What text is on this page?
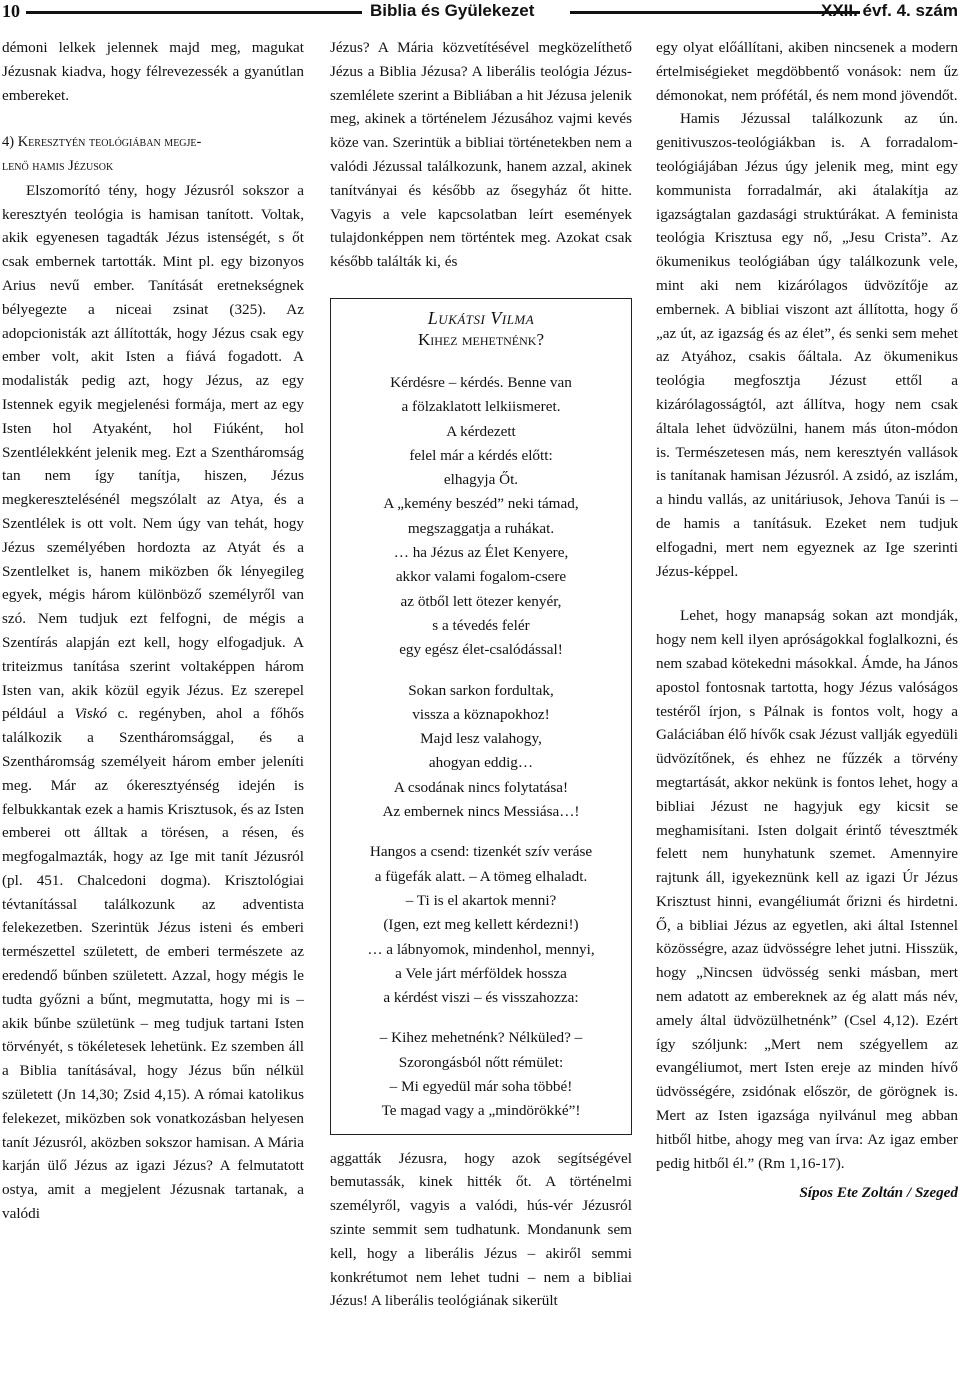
10	Biblia és Gyülekezet	XXII. évf. 4. szám

démoni lelkek jelennek majd meg, magukat Jézusnak kiadva, hogy félrevezessék a gyanútlan embereket.

4) Keresztyén teológiában megje-
lenő hamis Jézusok

Elszomorító tény, hogy Jézusról sokszor a keresztyén teológia is hamisan tanított. Voltak, akik egyenesen tagadták Jézus istenségét, s őt csak embernek tartották. Mint pl. egy bizonyos Arius nevű ember. Tanítását eretnekségnek bélyegezte a niceai zsinat (325). Az adopcionisták azt állították, hogy Jézus csak egy ember volt, akit Isten a fiává fogadott. A modalisták pedig azt, hogy Jézus, az egy Istennek egyik megjelenési formája, mert az egy Isten hol Atyaként, hol Fiúként, hol Szentlélekként jelenik meg. Ezt a Szentháromság tan nem így tanítja, hiszen, Jézus megkeresztelésénél megszólalt az Atya, és a Szentlélek is ott volt. Nem úgy van tehát, hogy Jézus személyében hordozta az Atyát és a Szentlelket is, hanem miközben ők lényegileg egyek, mégis három különböző személyről van szó. Nem tudjuk ezt felfogni, de mégis a Szentírás alapján ezt kell, hogy elfogadjuk. A triteizmus tanítása szerint voltaképpen három Isten van, akik közül egyik Jézus. Ez szerepel például a Viskó c. regényben, ahol a főhős találkozik a Szentháromsággal, és a Szentháromság személyeit három ember jeleníti meg. Már az ókeresztyénség idején is felbukkantak ezek a hamis Krisztusok, és az Isten emberei ott álltak a törésen, a résen, és megfogalmazták, hogy az Ige mit tanít Jézusról (pl. 451. Chalcedoni dogma). Krisztológiai tévtanítással találkozunk az adventista felekezetben. Szerintük Jézus isteni és emberi természettel született, de emberi természete az eredendő bűnben született. Azzal, hogy mégis le tudta győzni a bűnt, megmutatta, hogy mi is – akik bűnbe születünk – meg tudjuk tartani Isten törvényét, s tökéletesek lehetünk. Ez szemben áll a Biblia tanításával, hogy Jézus bűn nélkül született (Jn 14,30; Zsid 4,15). A római katolikus felekezet, miközben sok vonatkozásban helyesen tanít Jézusról, aközben sokszor hamisan. A Mária karján ülő Jézus az igazi Jézus? A felmutatott ostya, amit a megjelent Jézusnak tartanak, a valódi

Jézus? A Mária közvetítésével megközelíthető Jézus a Biblia Jézusa? A liberális teológia Jézus-szemlélete szerint a Bibliában a hit Jézusa jelenik meg, akinek a történelem Jézusához vajmi kevés köze van. Szerintük a bibliai történetekben nem a valódi Jézussal találkozunk, hanem azzal, akinek tanítványai és később az ősegyház őt hitte. Vagyis a vele kapcsolatban leírt események tulajdonképpen nem történtek meg. Azokat csak később találták ki, és

Lukátsi Vilma
Kihez mehetnénk?
Kérdésre – kérdés. Benne van
a fölzaklatott lelkiismeret.
A kérdezett
felel már a kérdés előtt:
elhagyja Őt.
A „kemény beszéd” neki támad,
megszaggatja a ruhákat.
… ha Jézus az Élet Kenyere,
akkor valami fogalom-csere
az ötből lett ötezer kenyér,
s a tévedés felér
egy egész élet-csalódással!
Sokan sarkon fordultak,
vissza a köznapokhoz!
Majd lesz valahogy,
ahogyan eddig…
A csodának nincs folytatása!
Az embernek nincs Messiása…!
Hangos a csend: tizenkét szív veráse
a fügefák alatt. – A tömeg elhaladt.
– Ti is el akartok menni?
(Igen, ezt meg kellett kérdezni!)
… a lábnyomok, mindenhol, mennyi,
a Vele járt mérföldek hossza
a kérdést viszi – és visszahozza:
– Kihez mehetnénk? Nélküled? –
Szorongásból nőtt rémület:
– Mi egyedül már soha többé!
Te magad vagy a „mindörökké”!

aggatták Jézusra, hogy azok segítségével bemutassák, kinek hitték őt. A történelmi személyről, vagyis a valódi, hús-vér Jézusról szinte semmit sem tudhatunk. Mondanunk sem kell, hogy a liberális Jézus – akiről semmi konkrétumot nem lehet tudni – nem a bibliai Jézus! A liberális teológiának sikerült

egy olyat előállítani, akiben nincsenek a modern értelmiségieket megdöbbentő vonások: nem űz démonokat, nem prófétál, és nem mond jövendőt.

Hamis Jézussal találkozunk az ún. genitivuszos-teológiákban is. A forradalom-teológiájában Jézus úgy jelenik meg, mint egy kommunista forradalmár, aki átalakítja az igazságtalan gazdasági struktúrákat. A feminista teológia Krisztusa egy nő, „Jesu Crista”. Az ökumenikus teológiában úgy találkozunk vele, mint aki nem kizárólagos üdvözítője az embernek. A bibliai viszont azt állította, hogy ő „az út, az igazság és az élet”, és senki sem mehet az Atyához, csakis őáltala. Az ökumenikus teológia megfosztja Jézust ettől a kizárólagosságtól, azt állítva, hogy nem csak általa lehet üdvözülni, hanem más úton-módon is. Természetesen más, nem keresztyén vallások is tanítanak hamisan Jézusról. A zsidó, az iszlám, a hindu vallás, az unitáriusok, Jehova Tanúi is – de hamis a tanításuk. Ezeket nem tudjuk elfogadni, mert nem egyeznek az Ige szerinti Jézus-képpel.

Lehet, hogy manapság sokan azt mondják, hogy nem kell ilyen apróságokkal foglalkozni, és nem szabad kötekedni másokkal. Ámde, ha János apostol fontosnak tartotta, hogy Jézus valóságos testéről írjon, s Pálnak is fontos volt, hogy a Galáciában élő hívők csak Jézust vallják egyedüli üdvözítőnek, és ehhez ne fűzzék a törvény megtartását, akkor nekünk is fontos lehet, hogy a bibliai Jézust ne hagyjuk egy kicsit se meghamisítani. Isten dolgait érintő tévesztmék felett nem hunyhatunk szemet. Amennyire rajtunk áll, igyekeznünk kell az igazi Úr Jézus Krisztust hinni, evangéliumát őrizni és hirdetni. Ő, a bibliai Jézus az egyetlen, aki által Istennel közösségre, azaz üdvösségre lehet jutni. Hisszük, hogy „Nincsen üdvösség senki másban, mert nem adatott az embereknek az ég alatt más név, amely által üdvözülhetnénk” (Csel 4,12). Ezért így szóljunk: „Mert nem szégyellem az evangéliumot, mert Isten ereje az minden hívő üdvösségére, zsidónak először, de görögnek is. Mert az Isten igazsága nyilvánul meg abban hitből hitbe, ahogy meg van írva: Az igaz ember pedig hitből él.” (Rm 1,16-17).

Sípos Ete Zoltán / Szeged
